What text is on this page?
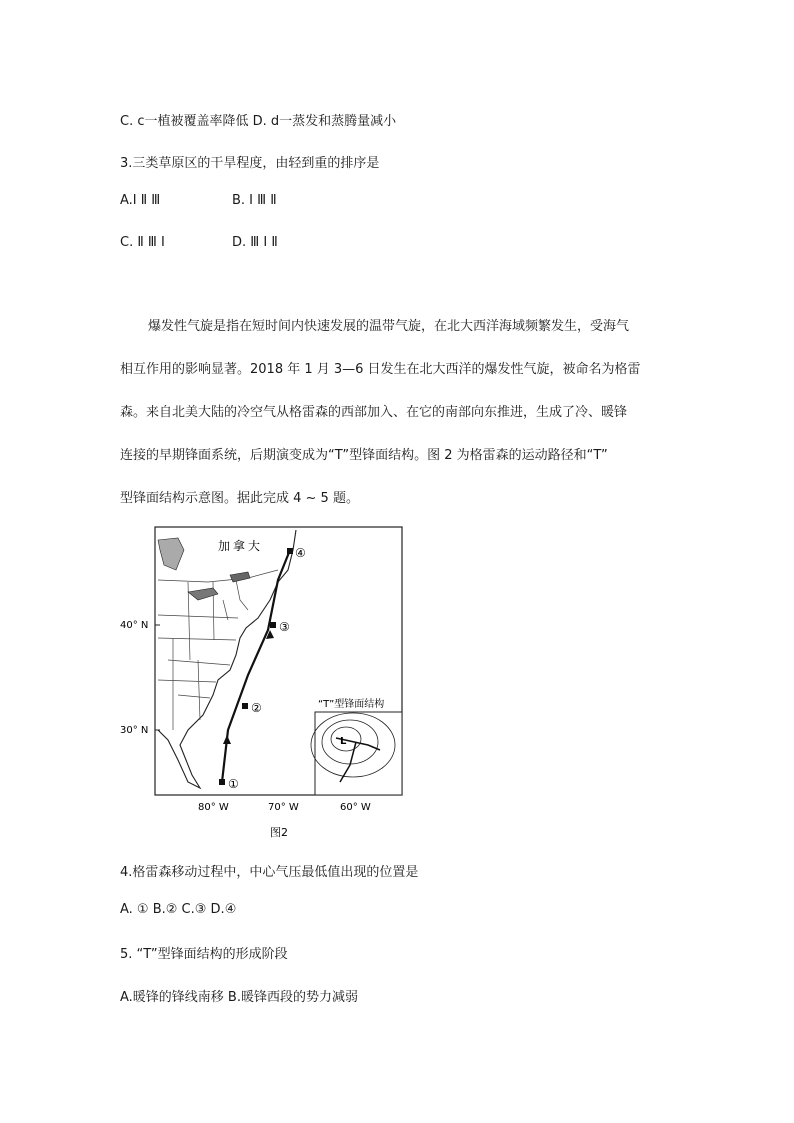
C. c一植被覆盖率降低 D. d一蒸发和蒸腾量减小
3.三类草原区的干旱程度，由轻到重的排序是
A.Ⅰ Ⅱ Ⅲ	B. Ⅰ Ⅲ Ⅱ
C. Ⅱ Ⅲ Ⅰ	D. Ⅲ Ⅰ Ⅱ

爆发性气旋是指在短时间内快速发展的温带气旋，在北大西洋海域频繁发生，受海气

相互作用的影响显著。2018 年 1 月 3—6 日发生在北大西洋的爆发性气旋，被命名为格雷

森。来自北美大陆的冷空气从格雷森的西部加入、在它的南部向东推进，生成了冷、暖锋

连接的早期锋面系统，后期演变成为“T”型锋面结构。图 2 为格雷森的运动路径和“T”

型锋面结构示意图。据此完成 4 ~ 5 题。

①
②
③
④
加拿大
40° N
30° N
80° W	70° W	60° W
“T”型锋面结构
L
图2
4.格雷森移动过程中，中心气压最低值出现的位置是
A. ① B.② C.③ D.④
5. “T”型锋面结构的形成阶段
A.暖锋的锋线南移 B.暖锋西段的势力减弱
